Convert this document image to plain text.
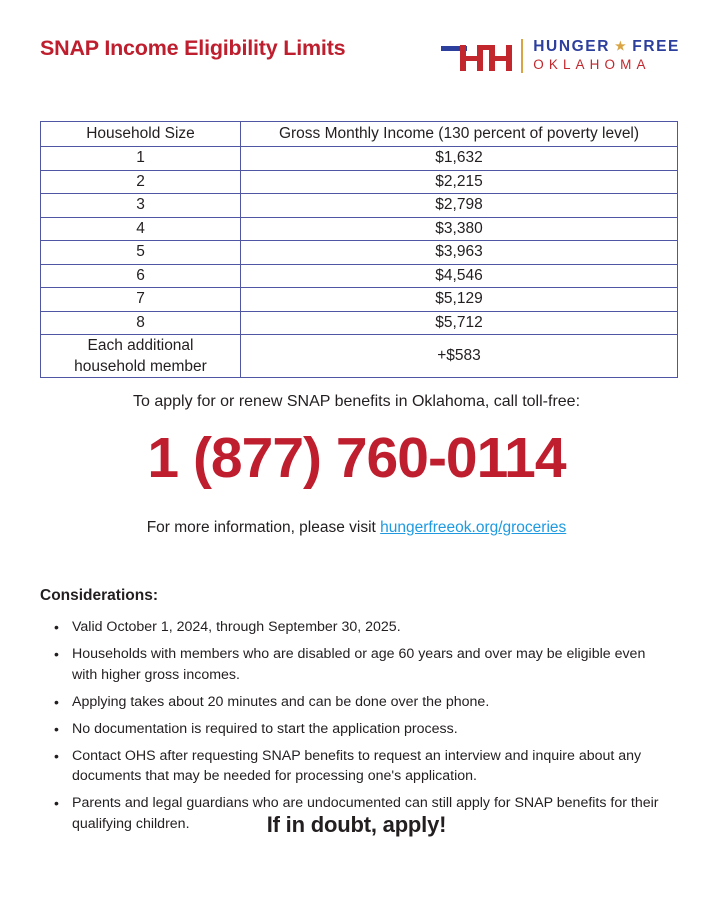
SNAP Income Eligibility Limits	HUNGER ★ FREE
OKLAHOMA
Household Size	Gross Monthly Income (130 percent of poverty level)
1	$1,632
2	$2,215
3	$2,798
4	$3,380
5	$3,963
6	$4,546
7	$5,129
8	$5,712

Each additional
household member	+$583
To apply for or renew SNAP benefits in Oklahoma, call toll-free:
1 (877) 760-0114
For more information, please visit hungerfreeok.org/groceries
Considerations:
• Valid October 1, 2024, through September 30, 2025.
• Households with members who are disabled or age 60 years and over may be eligible even with higher gross incomes.
• Applying takes about 20 minutes and can be done over the phone.
• No documentation is required to start the application process.
• Contact OHS after requesting SNAP benefits to request an interview and inquire about any documents that may be needed for processing one's application.
• Parents and legal guardians who are undocumented can still apply for SNAP benefits for their qualifying children.	If in doubt, apply!
